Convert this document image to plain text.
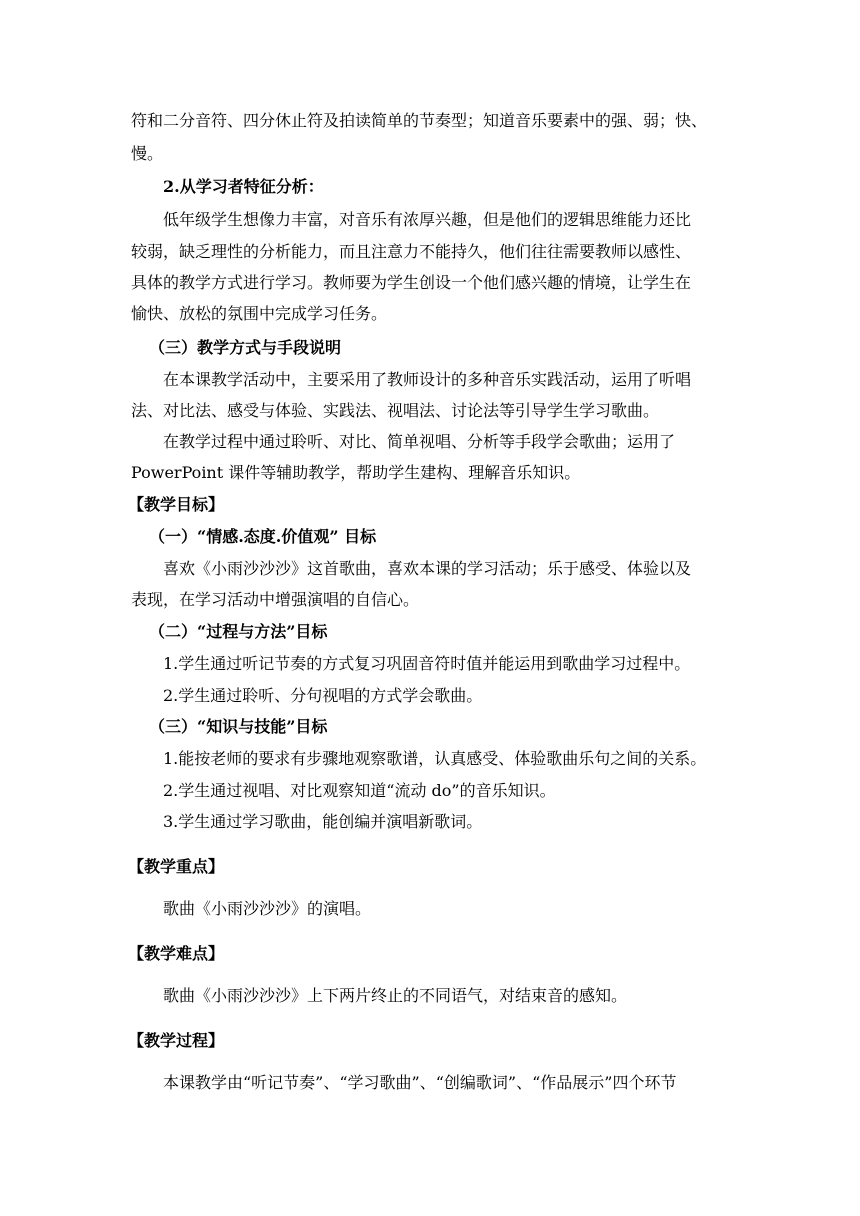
符和二分音符、四分休止符及拍读简单的节奏型；知道音乐要素中的强、弱；快、
慢。
2.从学习者特征分析：
低年级学生想像力丰富，对音乐有浓厚兴趣，但是他们的逻辑思维能力还比
较弱，缺乏理性的分析能力，而且注意力不能持久，他们往往需要教师以感性、
具体的教学方式进行学习。教师要为学生创设一个他们感兴趣的情境，让学生在
愉快、放松的氛围中完成学习任务。
（三）教学方式与手段说明
在本课教学活动中，主要采用了教师设计的多种音乐实践活动，运用了听唱
法、对比法、感受与体验、实践法、视唱法、讨论法等引导学生学习歌曲。
在教学过程中通过聆听、对比、简单视唱、分析等手段学会歌曲；运用了
PowerPoint 课件等辅助教学，帮助学生建构、理解音乐知识。
【教学目标】
（一）“情感.态度.价值观” 目标
喜欢《小雨沙沙沙》这首歌曲，喜欢本课的学习活动；乐于感受、体验以及
表现，在学习活动中增强演唱的自信心。
（二）“过程与方法”目标
1.学生通过听记节奏的方式复习巩固音符时值并能运用到歌曲学习过程中。
2.学生通过聆听、分句视唱的方式学会歌曲。
（三）“知识与技能”目标
1.能按老师的要求有步骤地观察歌谱，认真感受、体验歌曲乐句之间的关系。
2.学生通过视唱、对比观察知道“流动 do”的音乐知识。
3.学生通过学习歌曲，能创编并演唱新歌词。
【教学重点】
歌曲《小雨沙沙沙》的演唱。
【教学难点】
歌曲《小雨沙沙沙》上下两片终止的不同语气，对结束音的感知。
【教学过程】
本课教学由“听记节奏”、“学习歌曲”、“创编歌词”、“作品展示”四个环节
